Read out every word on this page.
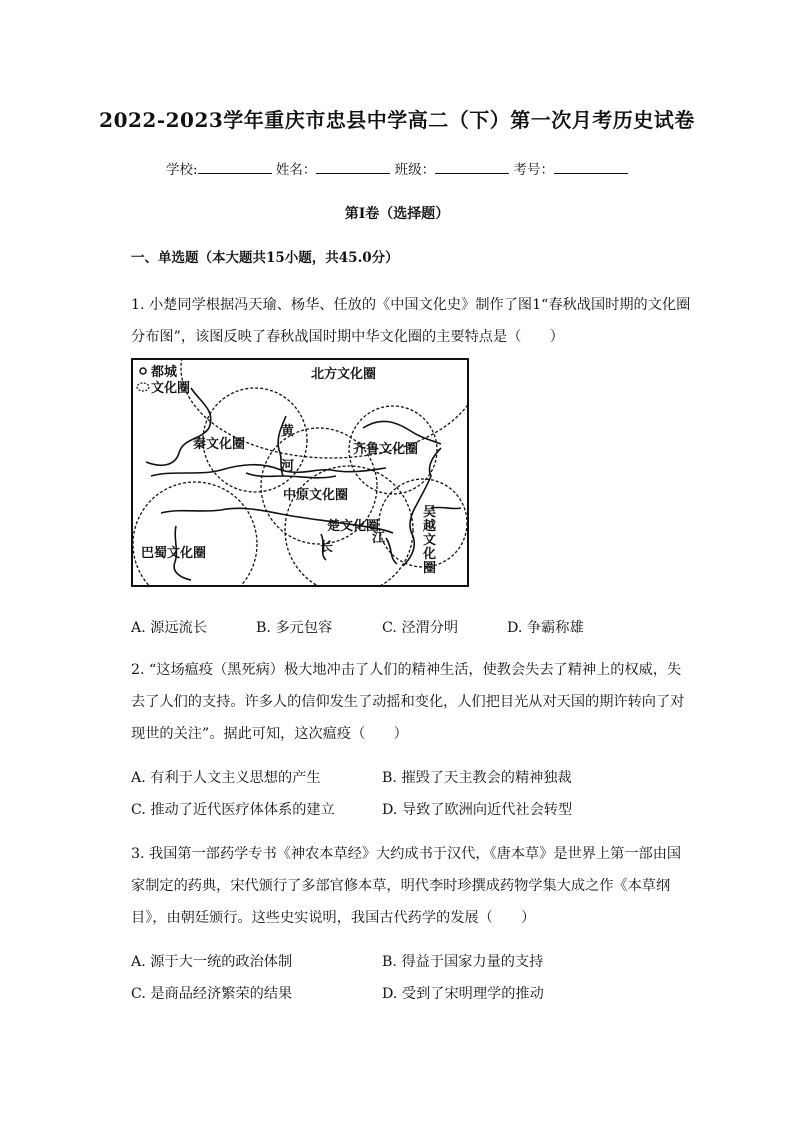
2022-2023学年重庆市忠县中学高二（下）第一次月考历史试卷
学校:	姓名：	班级：	考号：
第Ⅰ卷（选择题）
一、单选题（本大题共15小题，共45.0分）
1. 小楚同学根据冯天瑜、杨华、任放的《中国文化史》制作了图1“春秋战国时期的文化圈分布图”，该图反映了春秋战国时期中华文化圈的主要特点是（　　）
都城
文化圈
北方文化圈
秦文化圈	齐鲁文化圈
中原文化圈
楚文化圈
巴蜀文化圈
黄
河
长
江
吴
越
文
化
圈
A. 源远流长	B. 多元包容	C. 泾渭分明	D. 争霸称雄
2. “这场瘟疫（黑死病）极大地冲击了人们的精神生活，使教会失去了精神上的权威，失去了人们的支持。许多人的信仰发生了动摇和变化，人们把目光从对天国的期许转向了对现世的关注”。据此可知，这次瘟疫（　　）
A. 有利于人文主义思想的产生	B. 摧毁了天主教会的精神独裁
C. 推动了近代医疗体体系的建立	D. 导致了欧洲向近代社会转型
3. 我国第一部药学专书《神农本草经》大约成书于汉代，《唐本草》是世界上第一部由国家制定的药典，宋代颁行了多部官修本草，明代李时珍撰成药物学集大成之作《本草纲目》，由朝廷颁行。这些史实说明，我国古代药学的发展（　　）
A. 源于大一统的政治体制	B. 得益于国家力量的支持
C. 是商品经济繁荣的结果	D. 受到了宋明理学的推动
